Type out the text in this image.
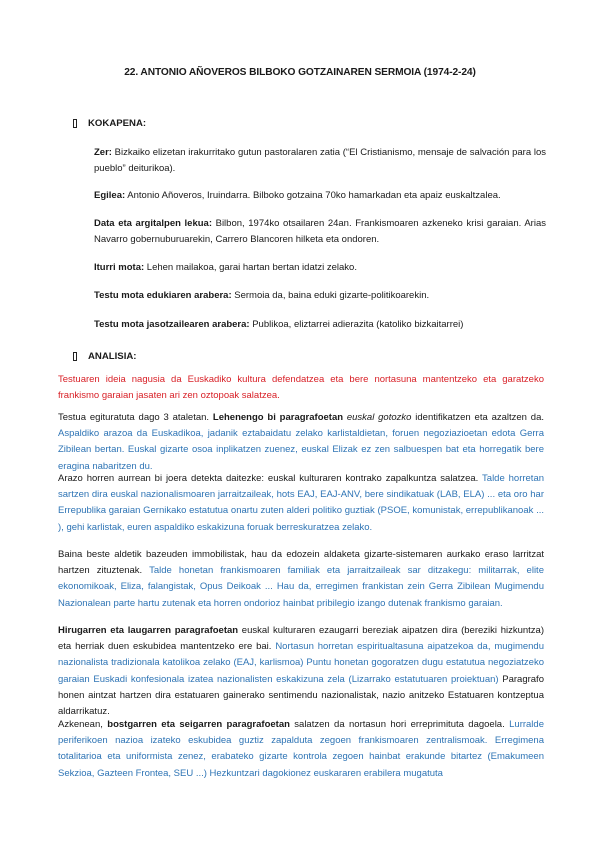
22. ANTONIO AÑOVEROS BILBOKO GOTZAINAREN SERMOIA (1974-2-24)
KOKAPENA:
Zer: Bizkaiko elizetan irakurritako gutun pastoralaren zatia (“El Cristianismo, mensaje de salvación para los pueblo” deiturikoa).
Egilea: Antonio Añoveros, Iruindarra. Bilboko gotzaina 70ko hamarkadan eta apaiz euskaltzalea.
Data eta argitalpen lekua: Bilbon, 1974ko otsailaren 24an. Frankismoaren azkeneko krisi garaian. Arias Navarro gobernuburuarekin, Carrero Blancoren hilketa eta ondoren.
Iturri mota: Lehen mailakoa, garai hartan bertan idatzi zelako.
Testu mota edukiaren arabera: Sermoia da, baina eduki gizarte-politikoarekin.
Testu mota jasotzailearen arabera: Publikoa, eliztarrei adierazita (katoliko bizkaitarrei)
ANALISIA:
Testuaren ideia nagusia da Euskadiko kultura defendatzea eta bere nortasuna mantentzeko eta garatzeko frankismo garaian jasaten ari zen oztopoak salatzea.
Testua egituratuta dago 3 ataletan. Lehenengo bi paragrafoetan euskal gotozko identifikatzen eta azaltzen da. Aspaldiko arazoa da Euskadikoa, jadanik eztabaidatu zelako karlistaldietan, foruen negoziazioetan edota Gerra Zibilean bertan. Euskal gizarte osoa inplikatzen zuenez, euskal Elizak ez zen salbuespen bat eta horregatik bere eragina nabaritzen du.
Arazo horren aurrean bi joera detekta daitezke: euskal kulturaren kontrako zapalkuntza salatzea. Talde horretan sartzen dira euskal nazionalismoaren jarraitzaileak, hots EAJ, EAJ-ANV, bere sindikatuak (LAB, ELA) ... eta oro har Errepublika garaian Gernikako estatutua onartu zuten alderi politiko guztiak (PSOE, komunistak, errepublikanoak ... ), gehi karlistak, euren aspaldiko eskakizuna foruak berreskuratzea zelako.
Baina beste aldetik bazeuden immobilistak, hau da edozein aldaketa gizarte-sistemaren aurkako eraso larritzat hartzen zituztenak. Talde honetan frankismoaren familiak eta jarraitzaileak sar ditzakegu: militarrak, elite ekonomikoak, Eliza, falangistak, Opus Deikoak ... Hau da, erregimen frankistan zein Gerra Zibilean Mugimendu Nazionalean parte hartu zutenak eta horren ondorioz hainbat pribilegio izango dutenak frankismo garaian.
Hirugarren eta laugarren paragrafoetan euskal kulturaren ezaugarri bereziak aipatzen dira (bereziki hizkuntza) eta herriak duen eskubidea mantentzeko ere bai. Nortasun horretan espiritualtasuna aipatzekoa da, mugimendu nazionalista tradizionala katolikoa zelako (EAJ, karlismoa) Puntu honetan gogoratzen dugu estatutua negoziatzeko garaian Euskadi konfesionala izatea nazionalisten eskakizuna zela (Lizarrako estatutuaren proiektuan) Paragrafo honen aintzat hartzen dira estatuaren gainerako sentimendu nazionalistak, nazio anitzeko Estatuaren kontzeptua aldarrikatuz.
Azkenean, bostgarren eta seigarren paragrafoetan salatzen da nortasun hori erreprimituta dagoela. Lurralde periferikoen nazioa izateko eskubidea guztiz zapalduta zegoen frankismoaren zentralismoak. Erregimena totalitarioa eta uniformista zenez, erabateko gizarte kontrola zegoen hainbat erakunde bitartez (Emakumeen Sekzioa, Gazteen Frontea, SEU ...) Hezkuntzari dagokionez euskararen erabilera mugatuta
